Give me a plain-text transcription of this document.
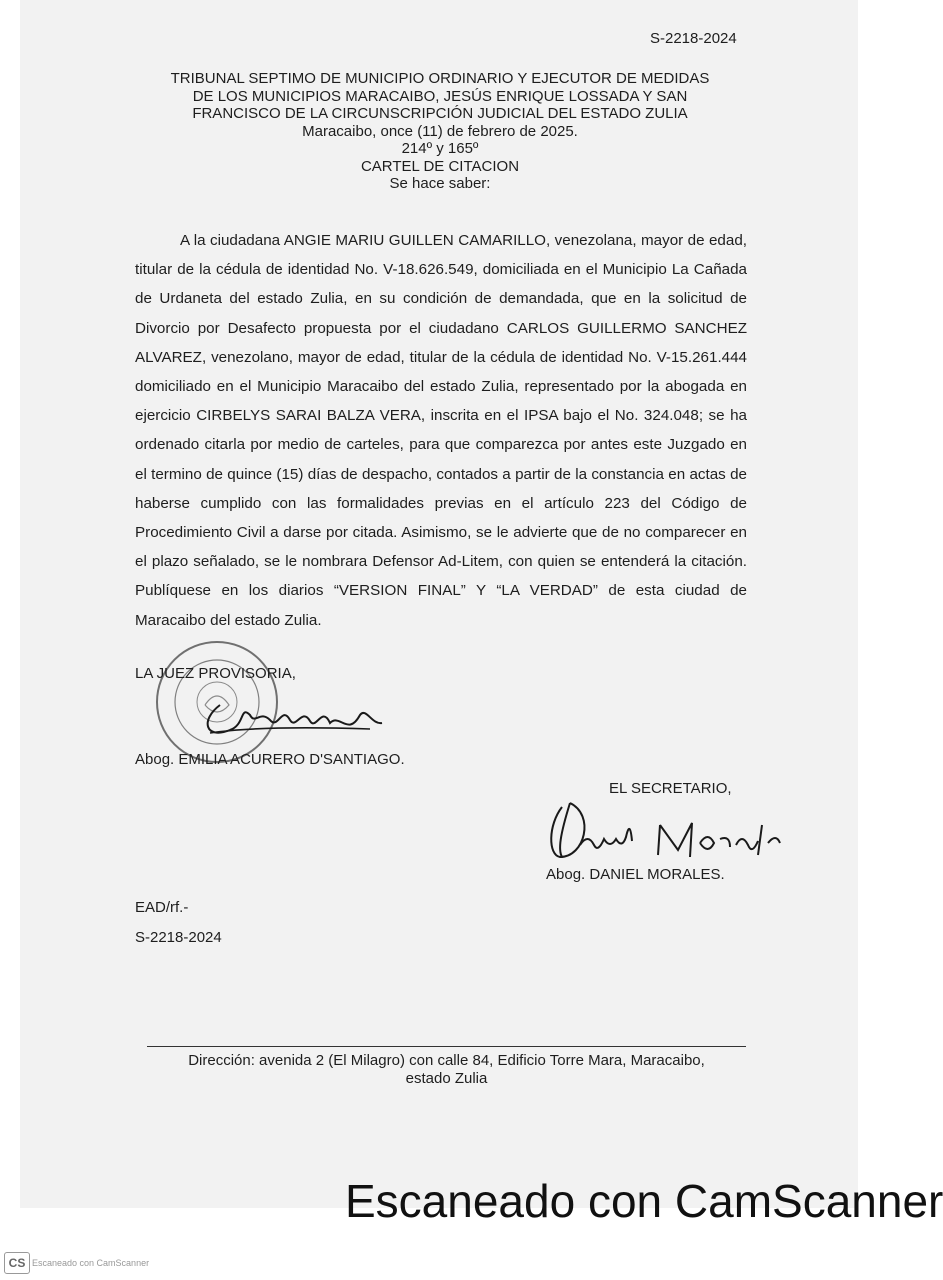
S-2218-2024
TRIBUNAL SEPTIMO DE MUNICIPIO ORDINARIO Y EJECUTOR DE MEDIDAS
DE LOS MUNICIPIOS MARACAIBO, JESÚS ENRIQUE LOSSADA Y SAN
FRANCISCO DE LA CIRCUNSCRIPCIÓN JUDICIAL DEL ESTADO ZULIA
Maracaibo, once (11) de febrero de 2025.
214º y 165º
CARTEL DE CITACION
Se hace saber:

A la ciudadana ANGIE MARIU GUILLEN CAMARILLO, venezolana, mayor de edad, titular de la cédula de identidad No. V-18.626.549, domiciliada en el Municipio La Cañada de Urdaneta del estado Zulia, en su condición de demandada, que en la solicitud de Divorcio por Desafecto propuesta por el ciudadano CARLOS GUILLERMO SANCHEZ ALVAREZ, venezolano, mayor de edad, titular de la cédula de identidad No. V-15.261.444 domiciliado en el Municipio Maracaibo del estado Zulia, representado por la abogada en ejercicio CIRBELYS SARAI BALZA VERA, inscrita en el IPSA bajo el No. 324.048; se ha ordenado citarla por medio de carteles, para que comparezca por antes este Juzgado en el termino de quince (15) días de despacho, contados a partir de la constancia en actas de haberse cumplido con las formalidades previas en el artículo 223 del Código de Procedimiento Civil a darse por citada. Asimismo, se le advierte que de no comparecer en el plazo señalado, se le nombrara Defensor Ad-Litem, con quien se entenderá la citación. Publíquese en los diarios “VERSION FINAL” Y “LA VERDAD” de esta ciudad de Maracaibo del estado Zulia.

LA JUEZ PROVISORIA,
Abog. EMILIA ACURERO D'SANTIAGO.
EL SECRETARIO,
Abog. DANIEL MORALES.
EAD/rf.-
S-2218-2024
Dirección: avenida 2 (El Milagro) con calle 84, Edificio Torre Mara, Maracaibo,
estado Zulia
Escaneado con CamScanner
CS Escaneado con CamScanner
